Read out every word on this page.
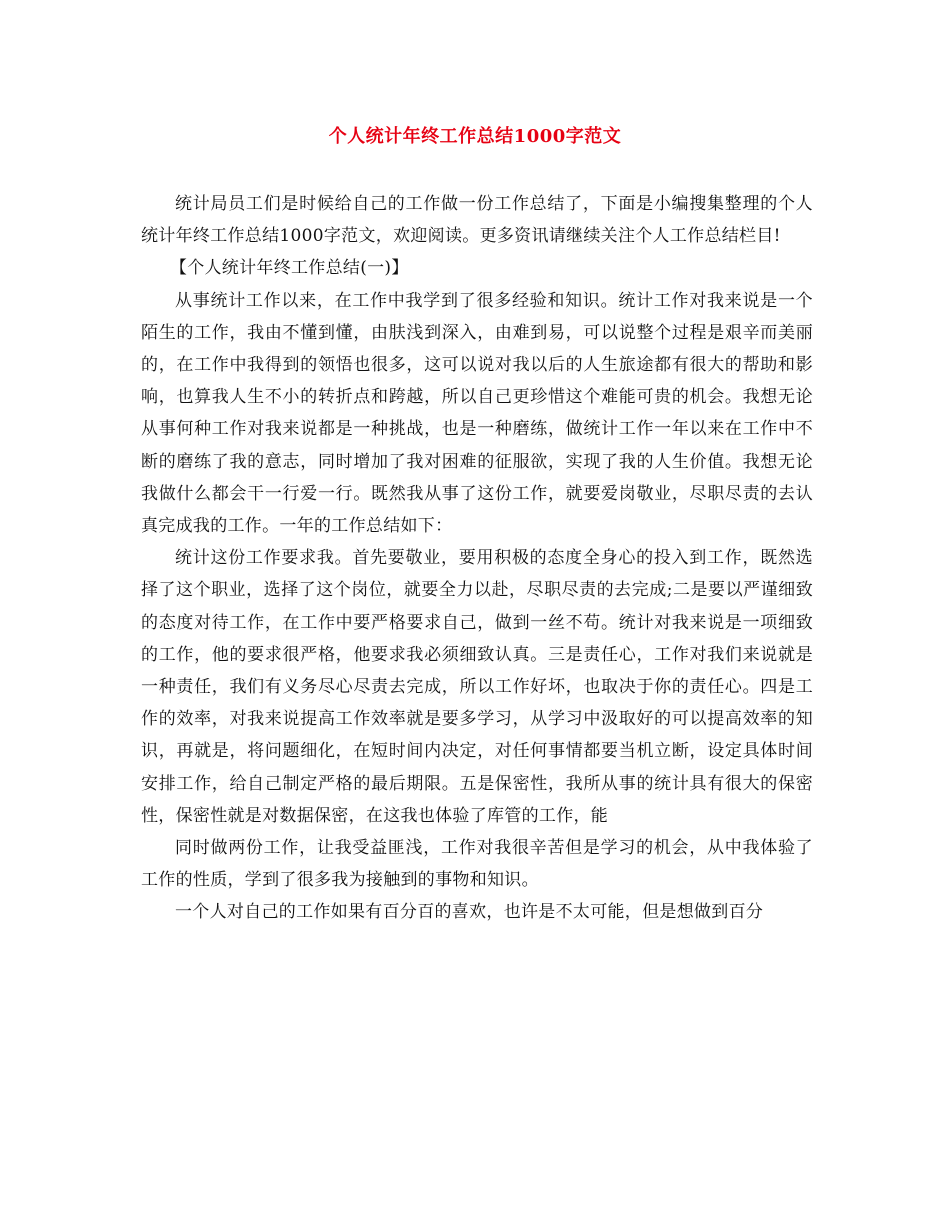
个人统计年终工作总结1000字范文

统计局员工们是时候给自己的工作做一份工作总结了，下面是小编搜集整理的个人统计年终工作总结1000字范文，欢迎阅读。更多资讯请继续关注个人工作总结栏目!

【个人统计年终工作总结(一)】

从事统计工作以来，在工作中我学到了很多经验和知识。统计工作对我来说是一个陌生的工作，我由不懂到懂，由肤浅到深入，由难到易，可以说整个过程是艰辛而美丽的，在工作中我得到的领悟也很多，这可以说对我以后的人生旅途都有很大的帮助和影响，也算我人生不小的转折点和跨越，所以自己更珍惜这个难能可贵的机会。我想无论从事何种工作对我来说都是一种挑战，也是一种磨练，做统计工作一年以来在工作中不断的磨练了我的意志，同时增加了我对困难的征服欲，实现了我的人生价值。我想无论我做什么都会干一行爱一行。既然我从事了这份工作，就要爱岗敬业，尽职尽责的去认真完成我的工作。一年的工作总结如下：

统计这份工作要求我。首先要敬业，要用积极的态度全身心的投入到工作，既然选择了这个职业，选择了这个岗位，就要全力以赴，尽职尽责的去完成;二是要以严谨细致的态度对待工作，在工作中要严格要求自己，做到一丝不苟。统计对我来说是一项细致的工作，他的要求很严格，他要求我必须细致认真。三是责任心，工作对我们来说就是一种责任，我们有义务尽心尽责去完成，所以工作好坏，也取决于你的责任心。四是工作的效率，对我来说提高工作效率就是要多学习，从学习中汲取好的可以提高效率的知识，再就是，将问题细化，在短时间内决定，对任何事情都要当机立断，设定具体时间安排工作，给自己制定严格的最后期限。五是保密性，我所从事的统计具有很大的保密性，保密性就是对数据保密，在这我也体验了库管的工作，能

同时做两份工作，让我受益匪浅，工作对我很辛苦但是学习的机会，从中我体验了工作的性质，学到了很多我为接触到的事物和知识。

一个人对自己的工作如果有百分百的喜欢，也许是不太可能，但是想做到百分
